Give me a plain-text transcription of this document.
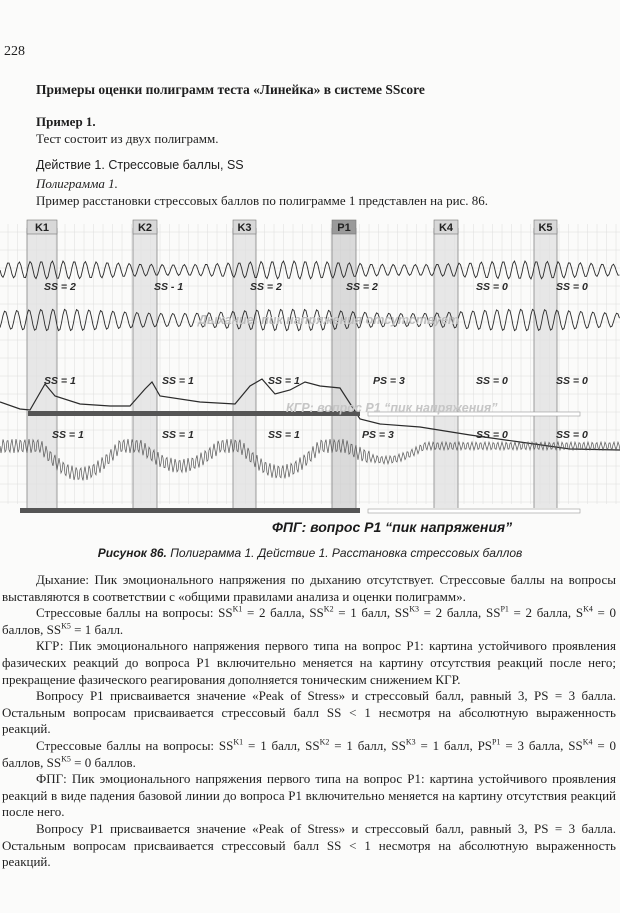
228
Примеры оценки полиграмм теста «Линейка» в системе SScore
Пример 1.
Тест состоит из двух полиграмм.
Действие 1. Стрессовые баллы, SS
Полиграмма 1.
Пример расстановки стрессовых баллов по полиграмме 1 представлен на рис. 86.
K1	K2	K3	P1	K4	K5
SS = 2	SS - 1	SS = 2	SS = 2	SS = 0	SS = 0
SS = 1	SS = 1	SS = 1	PS = 3	SS = 0	SS = 0
SS = 1	SS = 1	SS = 1	PS = 3	SS = 0	SS = 0
Дыхание: пик напряжения отсутствует
КГР: вопрос Р1 “пик напряжения”
ФПГ: вопрос Р1 “пик напряжения”
Рисунок 86. Полиграмма 1. Действие 1. Расстановка стрессовых баллов

Дыхание: Пик эмоционального напряжения по дыханию отсутствует. Стрессовые баллы на вопросы выставляются в соответствии с «общими правилами анализа и оценки полиграмм».

Стрессовые баллы на вопросы: $SS^{K1} = 2$ балла, $SS^{K2} = 1$ балл, $SS^{K3} = 2$ балла, $SS^{P1} = 2$ балла, $S^{K4} = 0$ баллов, $SS^{K5} = 1$ балл.

КГР: Пик эмоционального напряжения первого типа на вопрос Р1: картина устойчивого проявления фазических реакций до вопроса Р1 включительно меняется на картину отсутствия реакций после него; прекращение фазического реагирования дополняется тоническим снижением КГР.

Вопросу Р1 присваивается значение «Peak of Stress» и стрессовый балл, равный 3, PS = 3 балла. Остальным вопросам присваивается стрессовый балл SS < 1 несмотря на абсолютную выраженность реакций.

Стрессовые баллы на вопросы: $SS^{K1} = 1$ балл, $SS^{K2} = 1$ балл, $SS^{K3} = 1$ балл, $PS^{P1} = 3$ балла, $SS^{K4} = 0$ баллов, $SS^{K5} = 0$ баллов.

ФПГ: Пик эмоционального напряжения первого типа на вопрос Р1: картина устойчивого проявления реакций в виде падения базовой линии до вопроса Р1 включительно меняется на картину отсутствия реакций после него.

Вопросу Р1 присваивается значение «Peak of Stress» и стрессовый балл, равный 3, PS = 3 балла. Остальным вопросам присваивается стрессовый балл SS < 1 несмотря на абсолютную выраженность реакций.
